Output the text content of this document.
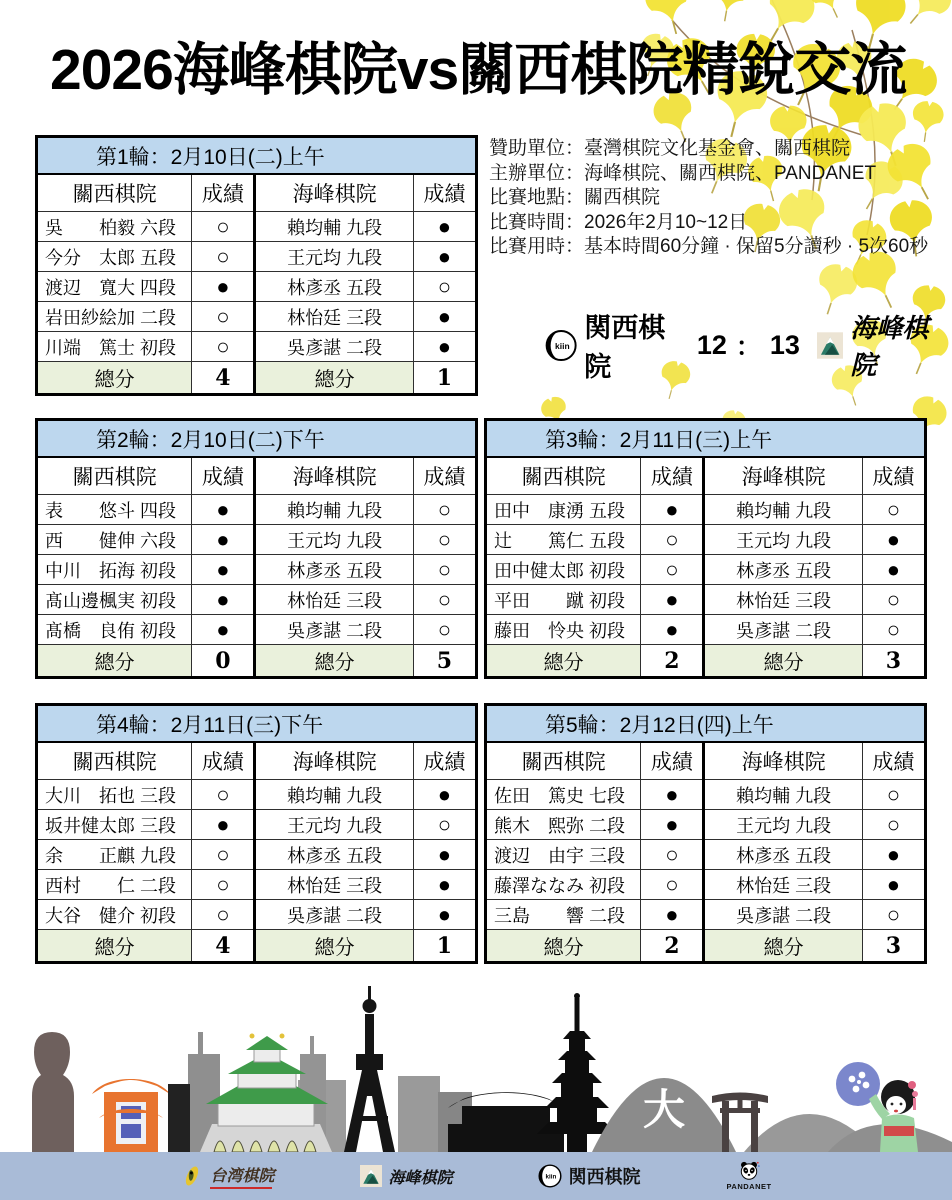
2026海峰棋院vs關西棋院精銳交流
贊助單位：臺灣棋院文化基金會、關西棋院
主辦單位：海峰棋院、關西棋院、PANDANET
比賽地點：關西棋院
比賽時間：2026年2月10~12日
比賽用時：基本時間60分鐘 · 保留5分讀秒 · 5次60秒
kiin
関西棋院
12 ： 13
海峰棋院
第1輪：2月10日(二)上午			
關西棋院	成績	海峰棋院	成績
吳　　柏毅 六段	○	賴均輔 九段	●
今分　太郎 五段	○	王元均 九段	●
渡辺　寬大 四段	●	林彥丞 五段	○
岩田紗絵加 二段	○	林怡廷 三段	●
川端　篤士 初段	○	吳彥諶 二段	●
總分	4	總分	1
第2輪：2月10日(二)下午			
關西棋院	成績	海峰棋院	成績
表　　悠斗 四段	●	賴均輔 九段	○
西　　健伸 六段	●	王元均 九段	○
中川　拓海 初段	●	林彥丞 五段	○
髙山邊楓実 初段	●	林怡廷 三段	○
髙橋　良侑 初段	●	吳彥諶 二段	○
總分	0	總分	5
第3輪：2月11日(三)上午			
關西棋院	成績	海峰棋院	成績
田中　康湧 五段	●	賴均輔 九段	○
辻　　篤仁 五段	○	王元均 九段	●
田中健太郎 初段	○	林彥丞 五段	●
平田　　蹴 初段	●	林怡廷 三段	○
藤田　怜央 初段	●	吳彥諶 二段	○
總分	2	總分	3
第4輪：2月11日(三)下午			
關西棋院	成績	海峰棋院	成績
大川　拓也 三段	○	賴均輔 九段	●
坂井健太郎 三段	●	王元均 九段	○
余　　正麒 九段	○	林彥丞 五段	●
西村　　仁 二段	○	林怡廷 三段	●
大谷　健介 初段	○	吳彥諶 二段	●
總分	4	總分	1
第5輪：2月12日(四)上午			
關西棋院	成績	海峰棋院	成績
佐田　篤史 七段	●	賴均輔 九段	○
熊木　熙弥 二段	●	王元均 九段	○
渡辺　由宇 三段	○	林彥丞 五段	●
藤澤ななみ 初段	○	林怡廷 三段	●
三島　　響 二段	●	吳彥諶 二段	○
總分	2	總分	3
大
台湾棋院	海峰棋院	kiin 関西棋院	PANDANET
